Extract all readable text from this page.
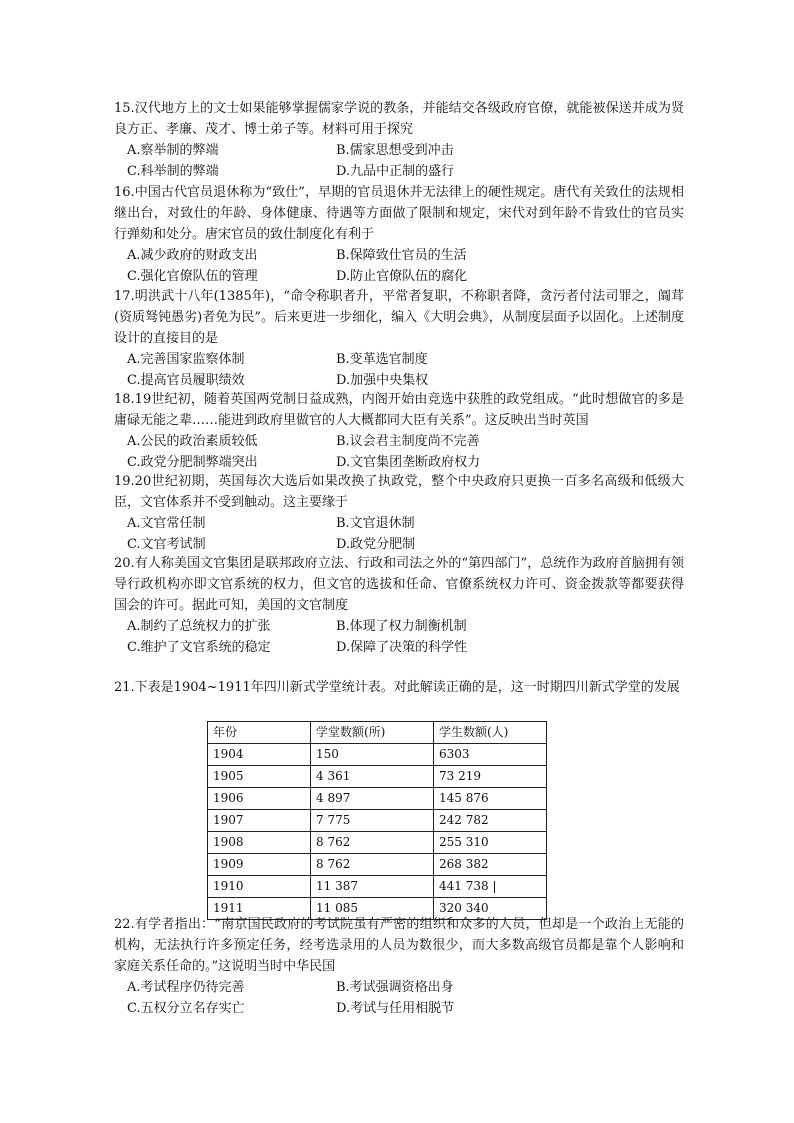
15.汉代地方上的文士如果能够掌握儒家学说的教条，并能结交各级政府官僚，就能被保送并成为贤良方正、孝廉、茂才、博士弟子等。材料可用于探究

A.察举制的弊端	B.儒家思想受到冲击
C.科举制的弊端	D.九品中正制的盛行

16.中国古代官员退休称为“致仕”，早期的官员退休并无法律上的硬性规定。唐代有关致仕的法规相继出台，对致仕的年龄、身体健康、待遇等方面做了限制和规定，宋代对到年龄不肯致仕的官员实行弹劾和处分。唐宋官员的致仕制度化有利于

A.减少政府的财政支出	B.保障致仕官员的生活
C.强化官僚队伍的管理	D.防止官僚队伍的腐化

17.明洪武十八年(1385年)，“命令称职者升，平常者复职，不称职者降，贪污者付法司罪之，阘茸(资质驽钝愚劣)者免为民”。后来更进一步细化，编入《大明会典》，从制度层面予以固化。上述制度设计的直接目的是

A.完善国家监察体制	B.变革选官制度
C.提高官员履职绩效	D.加强中央集权

18.19世纪初，随着英国两党制日益成熟，内阁开始由竞选中获胜的政党组成。“此时想做官的多是庸碌无能之辈……能进到政府里做官的人大概都同大臣有关系”。这反映出当时英国

A.公民的政治素质较低	B.议会君主制度尚不完善
C.政党分肥制弊端突出	D.文官集团垄断政府权力

19.20世纪初期，英国每次大选后如果改换了执政党，整个中央政府只更换一百多名高级和低级大臣，文官体系并不受到触动。这主要缘于

A.文官常任制	B.文官退休制
C.文官考试制	D.政党分肥制

20.有人称美国文官集团是联邦政府立法、行政和司法之外的“第四部门”，总统作为政府首脑拥有领导行政机构亦即文官系统的权力，但文官的选拔和任命、官僚系统权力许可、资金拨款等都要获得国会的许可。据此可知，美国的文官制度

A.制约了总统权力的扩张	B.体现了权力制衡机制
C.维护了文官系统的稳定	D.保障了决策的科学性

21.下表是1904~1911年四川新式学堂统计表。对此解读正确的是，这一时期四川新式学堂的发展

年份	学堂数额(所)	学生数额(人)
1904	150	6303
1905	4 361	73 219
1906	4 897	145 876
1907	7 775	242 782
1908	8 762	255 310
1909	8 762	268 382
1910	11 387	441 738 |
1911	11 085	320 340

22.有学者指出：“南京国民政府的考试院虽有严密的组织和众多的人员，但却是一个政治上无能的机构，无法执行许多预定任务，经考选录用的人员为数很少，而大多数高级官员都是靠个人影响和家庭关系任命的。”这说明当时中华民国

A.考试程序仍待完善	B.考试强调资格出身
C.五权分立名存实亡	D.考试与任用相脱节
